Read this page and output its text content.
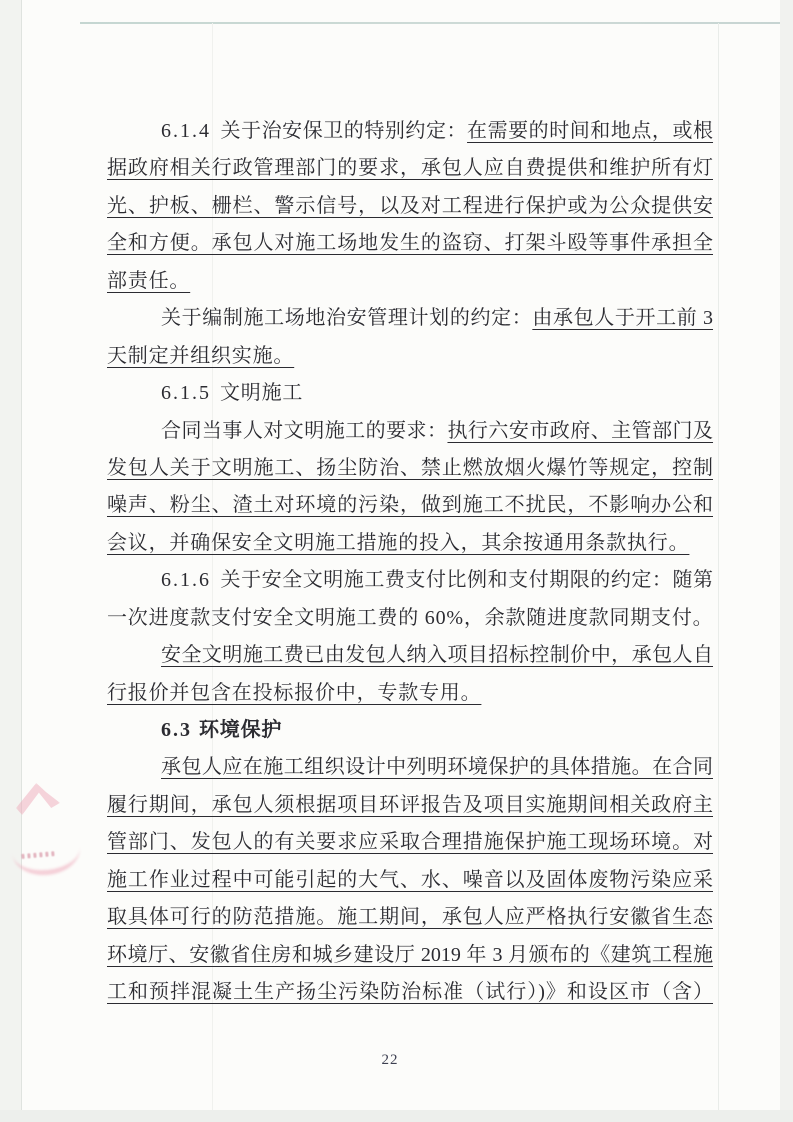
6.1.4 关于治安保卫的特别约定：在需要的时间和地点，或根
据政府相关行政管理部门的要求，承包人应自费提供和维护所有灯
光、护板、栅栏、警示信号，以及对工程进行保护或为公众提供安
全和方便。承包人对施工场地发生的盗窃、打架斗殴等事件承担全
部责任。
关于编制施工场地治安管理计划的约定：由承包人于开工前 3
天制定并组织实施。
6.1.5 文明施工
合同当事人对文明施工的要求：执行六安市政府、主管部门及
发包人关于文明施工、扬尘防治、禁止燃放烟火爆竹等规定，控制
噪声、粉尘、渣土对环境的污染，做到施工不扰民，不影响办公和
会议，并确保安全文明施工措施的投入，其余按通用条款执行。
6.1.6 关于安全文明施工费支付比例和支付期限的约定：随第
一次进度款支付安全文明施工费的 60%，余款随进度款同期支付。
安全文明施工费已由发包人纳入项目招标控制价中，承包人自
行报价并包含在投标报价中，专款专用。
6.3 环境保护
承包人应在施工组织设计中列明环境保护的具体措施。在合同
履行期间，承包人须根据项目环评报告及项目实施期间相关政府主
管部门、发包人的有关要求应采取合理措施保护施工现场环境。对
施工作业过程中可能引起的大气、水、噪音以及固体废物污染应采
取具体可行的防范措施。施工期间，承包人应严格执行安徽省生态
环境厅、安徽省住房和城乡建设厅 2019 年 3 月颁布的《建筑工程施
工和预拌混凝土生产扬尘污染防治标准（试行）)》和设区市（含）
22
